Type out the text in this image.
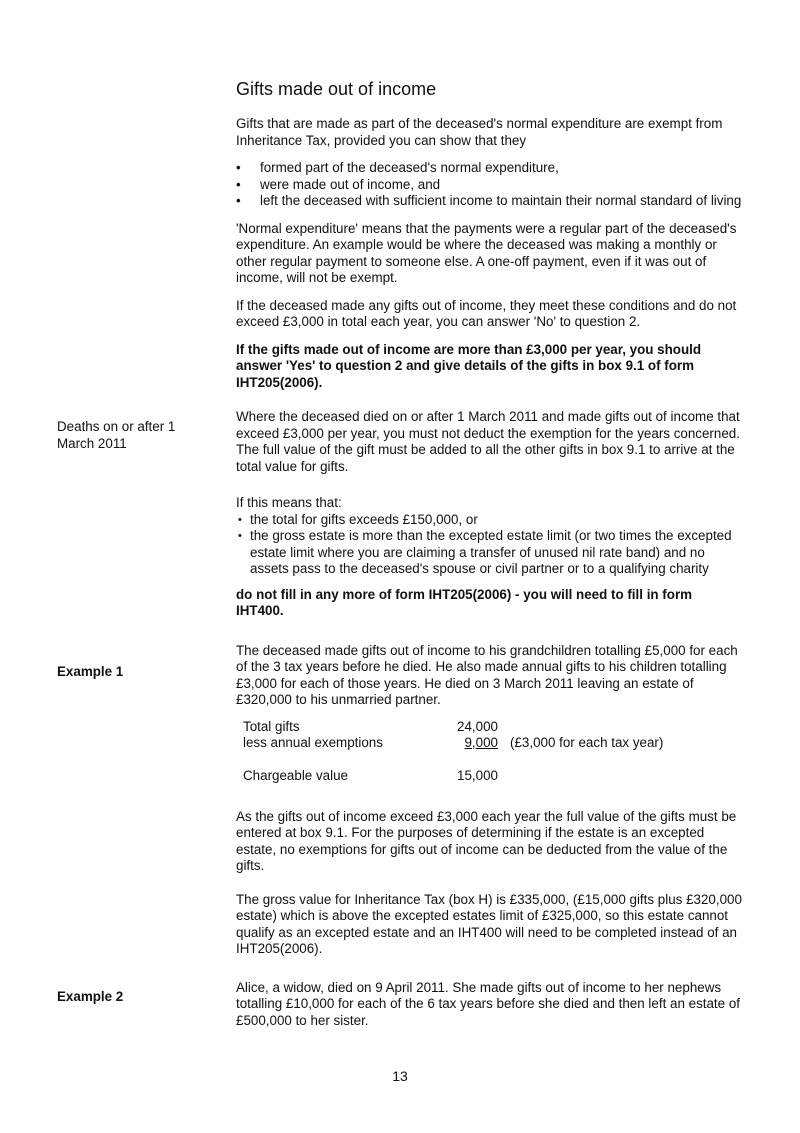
Gifts made out of income
Deaths on or after 1 March 2011
Example 1
Example 2

Gifts that are made as part of the deceased's normal expenditure are exempt from Inheritance Tax, provided you can show that they

• formed part of the deceased's normal expenditure,
• were made out of income, and
• left the deceased with sufficient income to maintain their normal standard of living

'Normal expenditure' means that the payments were a regular part of the deceased's expenditure. An example would be where the deceased was making a monthly or other regular payment to someone else. A one-off payment, even if it was out of income, will not be exempt.

If the deceased made any gifts out of income, they meet these conditions and do not exceed £3,000 in total each year, you can answer 'No' to question 2.

If the gifts made out of income are more than £3,000 per year, you should answer 'Yes' to question 2 and give details of the gifts in box 9.1 of form IHT205(2006).

Where the deceased died on or after 1 March 2011 and made gifts out of income that exceed £3,000 per year, you must not deduct the exemption for the years concerned. The full value of the gift must be added to all the other gifts in box 9.1 to arrive at the total value for gifts.

If this means that:

• the total for gifts exceeds £150,000, or
• the gross estate is more than the excepted estate limit (or two times the excepted estate limit where you are claiming a transfer of unused nil rate band) and no assets pass to the deceased's spouse or civil partner or to a qualifying charity

do not fill in any more of form IHT205(2006) - you will need to fill in form IHT400.

The deceased made gifts out of income to his grandchildren totalling £5,000 for each of the 3 tax years before he died. He also made annual gifts to his children totalling £3,000 for each of those years. He died on 3 March 2011 leaving an estate of £320,000 to his unmarried partner.

Total gifts	24,000
less annual exemptions	9,000 (£3,000 for each tax year)
Chargeable value	15,000

As the gifts out of income exceed £3,000 each year the full value of the gifts must be entered at box 9.1. For the purposes of determining if the estate is an excepted estate, no exemptions for gifts out of income can be deducted from the value of the gifts.

The gross value for Inheritance Tax (box H) is £335,000, (£15,000 gifts plus £320,000 estate) which is above the excepted estates limit of £325,000, so this estate cannot qualify as an excepted estate and an IHT400 will need to be completed instead of an IHT205(2006).

Alice, a widow, died on 9 April 2011. She made gifts out of income to her nephews totalling £10,000 for each of the 6 tax years before she died and then left an estate of £500,000 to her sister.

13
